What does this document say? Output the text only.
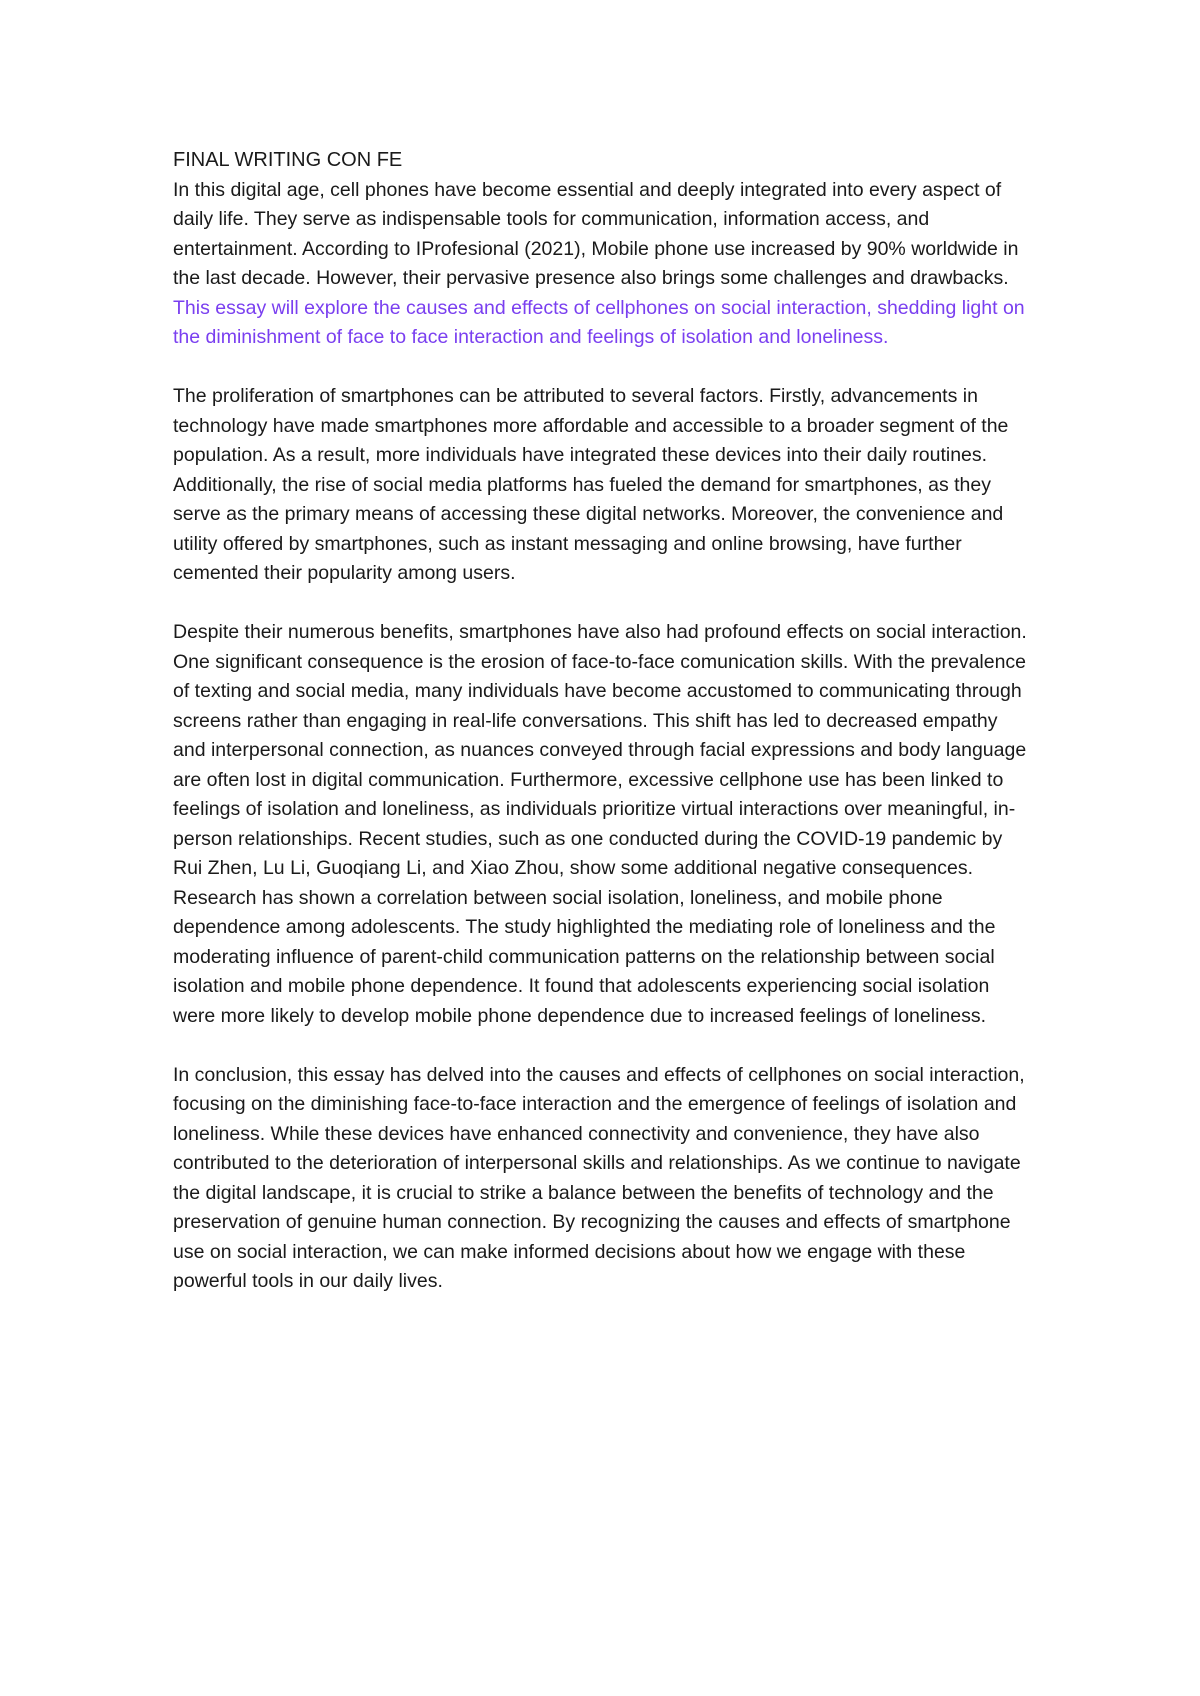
FINAL WRITING CON FE

In this digital age, cell phones have become essential and deeply integrated into every aspect of daily life. They serve as indispensable tools for communication, information access, and entertainment. According to IProfesional (2021), Mobile phone use increased by 90% worldwide in the last decade. However, their pervasive presence also brings some challenges and drawbacks. This essay will explore the causes and effects of cellphones on social interaction, shedding light on the diminishment of face to face interaction and feelings of isolation and loneliness.

The proliferation of smartphones can be attributed to several factors. Firstly, advancements in technology have made smartphones more affordable and accessible to a broader segment of the population. As a result, more individuals have integrated these devices into their daily routines. Additionally, the rise of social media platforms has fueled the demand for smartphones, as they serve as the primary means of accessing these digital networks. Moreover, the convenience and utility offered by smartphones, such as instant messaging and online browsing, have further cemented their popularity among users.

Despite their numerous benefits, smartphones have also had profound effects on social interaction. One significant consequence is the erosion of face-to-face comunication skills. With the prevalence of texting and social media, many individuals have become accustomed to communicating through screens rather than engaging in real-life conversations. This shift has led to decreased empathy and interpersonal connection, as nuances conveyed through facial expressions and body language are often lost in digital communication. Furthermore, excessive cellphone use has been linked to feelings of isolation and loneliness, as individuals prioritize virtual interactions over meaningful, in-person relationships. Recent studies, such as one conducted during the COVID-19 pandemic by Rui Zhen, Lu Li, Guoqiang Li, and Xiao Zhou, show some additional negative consequences. Research has shown a correlation between social isolation, loneliness, and mobile phone dependence among adolescents. The study highlighted the mediating role of loneliness and the moderating influence of parent-child communication patterns on the relationship between social isolation and mobile phone dependence. It found that adolescents experiencing social isolation were more likely to develop mobile phone dependence due to increased feelings of loneliness.

In conclusion, this essay has delved into the causes and effects of cellphones on social interaction, focusing on the diminishing face-to-face interaction and the emergence of feelings of isolation and loneliness. While these devices have enhanced connectivity and convenience, they have also contributed to the deterioration of interpersonal skills and relationships. As we continue to navigate the digital landscape, it is crucial to strike a balance between the benefits of technology and the preservation of genuine human connection. By recognizing the causes and effects of smartphone use on social interaction, we can make informed decisions about how we engage with these powerful tools in our daily lives.
